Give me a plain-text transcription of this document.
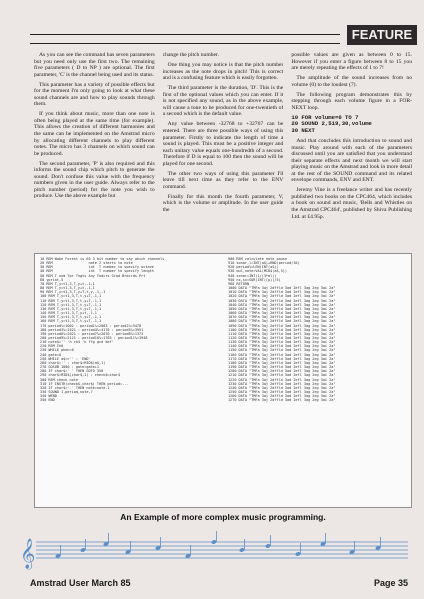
FEATURE

As you can see the command has seven parameters but you need only use the first two. The remaining five parameters ( D to NP ) are optional. The first parameter, 'C' is the channel being used and its status.

This parameter has a variety of possible effects but for the moment I'm only going to look at what these sound channels are and how to play sounds through them.

If you think about music, more than one note is often being played at the same time (for example). This allows the creation of different harmonies and the same can be implemented on the Amstrad micro by allocating different channels to play different notes. The micro has 3 channels on which sound can be produced.

The second parameter, 'P' is also required and this informs the sound chip which pitch to generate the sound. Don't confuse this value with the frequency numbers given in the user guide. Always refer to the pitch number (period) for the note you wish to produce. Use the above example but

change the pitch number.

One thing you may notice is that the pitch number increases as the note drops in pitch! This is correct and is a confusing feature which is easily forgotten.

The third parameter is the duration, 'D'. This is the first of the optional values which you can enter. If it is not specified any sound, as in the above example, will cause a tone to be produced for one-twentieth of a second which is the default value.

Any value between -32768 to +32767 can be entered. There are three possible ways of using this parameter. Firstly to indicate the length of time a sound is played. This must be a positive integer and each unitary value equals one-hundredth of a second. Therefore if D is equal to 100 then the sound will be played for one second.

The other two ways of using this parameter I'll leave till next time as they refer to the ENV command.

Finally for this month the fourth parameter, V, which is the volume or amplitude. In the user guide the

possible values are given as between 0 to 15. However if you enter a figure between 8 to 15 you are merely repeating the effects of 1 to 7!

The amplitude of the sound increases from no volume (0) to the loudest (7).

The following program demonstrates this by stepping through each volume figure in a FOR-NEXT loop.

10 FOR volume=0 TO 7
20 SOUND 2,519,30,volume
30 NEXT

And that concludes this introduction to sound and music. Play around with each of the parameters discussed until you are satisfied that you understand their separate effects and next month we will start playing music on the Amstrad and look in more detail at the rest of the SOUND command and its related envelope commands, ENV and ENT.

Jeremy Vine is a freelance writer and has recently published two books on the CPC464, which includes a book on sound and music, 'Bells and Whistles on the Amstrad CPC464', published by Shiva Publishing Ltd. at £4.95p.

10 REM Wake Forest is 65 3 bit number to say which channels
20 REM                 note 2 starts to note
30 REM                 int  T number to specify octave
40 REM                 int  T number to specify length
50 REM T num Tpr Tngts Any Tndcrs Grad Brdcrds Prt
60 yprint,5
70 REM T,y=t1,3,T,y+t,-1,1
80 REM T,y=t1,3,T,y+t,-1,1
90 REM T,y=t1,3,T,y+T,t,y,-1,-1
100 REM T,y=t1,3,T,t,y+T,-1,1
110 REM T,y=t1,3,T,t,y+T,-1,1
120 REM T,y=t1,3,T,t,y+T,-1,1
130 REM T,y=t1,3,T,t,y+T,-1,1
140 REM T,y=t1,3,T,y+t,-1,1
150 REM T,y=t1,3,T,t,y+T,-1,1
160 REM T,y=t1,3,T,t,y+T,-1,1
170 period%=1002 : period1%=2083 : period2%=3478
180 period3%=1521 : period4%=4170 : period5%=3951
190 period6%=2021 : period7%=2070 : period8%=1373
200 period9%=2121 : period10%=1765 : period11%=3948
210 note$='' 'h ch4 'h ffg gcd def'
220 REM Ch0
230 WHILE phon=0
240 gate=0
250 WHILE a$<>'' : 'END'
260 char$='' : char$=MID$(a$,1)
270 GOSUB 1000 : gate=gate+1
280 IF char$=' ' THEN GOTO 350
290 char$=MID$(char$,1) : check$=char$
300 REM check note
310 IF INSTR(check$,char$) THEN period=...
320 IF char$='.' THEN note=note-1
330 SOUND 1,period,note,7
340 WEND
350 END
900 REM calculate note pause
910 sonar,l=INT(a$)+RND(period/10)
920 period%=LEN(INT(a$))
930 mul,note=VAL(MID$(a$,3))
940 sonar=INT(1/(3*ml))
950 nx,sx=SQR(INT((p))/5)
960 RETURN
1000 DATA "TMFa 3aj 2dffld 3ad 2efl 3ag 2eg 3ai 2a"
1010 DATA "TMFa 3aj 2dffld 3ad 2efl 3ag 2eg 3ai 2a"
1020 DATA "TMFa 3aj 2dffld 3ad 2efl 3ag 2eg 3ai 2a"
1030 DATA "TMFa 3aj 2dffld 3ad 2efl 3ag 2eg 3ai 2a"
1040 DATA "TMFa 3aj 2dffld 3ad 2efl 3ag 2eg 3ai 2a"
1050 DATA "TMFa 3aj 2dffld 3ad 2efl 3ag 2eg 3ai 2a"
1060 DATA "TMFa 3aj 2dffld 3ad 2efl 3ag 2eg 3ai 2a"
1070 DATA "TMFa 3aj 2dffld 3ad 2efl 3ag 2eg 3ai 2a"
1080 DATA "TMFa 3aj 2dffld 3ad 2efl 3ag 2eg 3ai 2a"
1090 DATA "TMFa 3aj 2dffld 3ad 2efl 3ag 2eg 3ai 2a"
1100 DATA "TMFa 3aj 2dffld 3ad 2efl 3ag 2eg 3ai 2a"
1110 DATA "TMFa 3aj 2dffld 3ad 2efl 3ag 2eg 3ai 2a"
1120 DATA "TMFa 3aj 2dffld 3ad 2efl 3ag 2eg 3ai 2a"
1130 DATA "TMFa 3aj 2dffld 3ad 2efl 3ag 2eg 3ai 2a"
1140 DATA "TMFa 3aj 2dffld 3ad 2efl 3ag 2eg 3ai 2a"
1150 DATA "TMFa 3aj 2dffld 3ad 2efl 3ag 2eg 3ai 2a"
1160 DATA "TMFa 3aj 2dffld 3ad 2efl 3ag 2eg 3ai 2a"
1170 DATA "TMFa 3aj 2dffld 3ad 2efl 3ag 2eg 3ai 2a"
1180 DATA "TMFa 3aj 2dffld 3ad 2efl 3ag 2eg 3ai 2a"
1190 DATA "TMFa 3aj 2dffld 3ad 2efl 3ag 2eg 3ai 2a"
1200 DATA "TMFa 3aj 2dffld 3ad 2efl 3ag 2eg 3ai 2a"
1210 DATA "TMFa 3aj 2dffld 3ad 2efl 3ag 2eg 3ai 2a"
1220 DATA "TMFa 3aj 2dffld 3ad 2efl 3ag 2eg 3ai 2a"
1230 DATA "TMFa 3aj 2dffld 3ad 2efl 3ag 2eg 3ai 2a"
1240 DATA "TMFa 3aj 2dffld 3ad 2efl 3ag 2eg 3ai 2a"
1250 DATA "TMFa 3aj 2dffld 3ad 2efl 3ag 2eg 3ai 2a"
1260 DATA "TMFa 3aj 2dffld 3ad 2efl 3ag 2eg 3ai 2a"
1270 DATA "TMFa 3aj 2dffld 3ad 2efl 3ag 2eg 3ai 2a"
An Example of more complex music programming.
𝄞
Amstrad User March 85	Page 35
